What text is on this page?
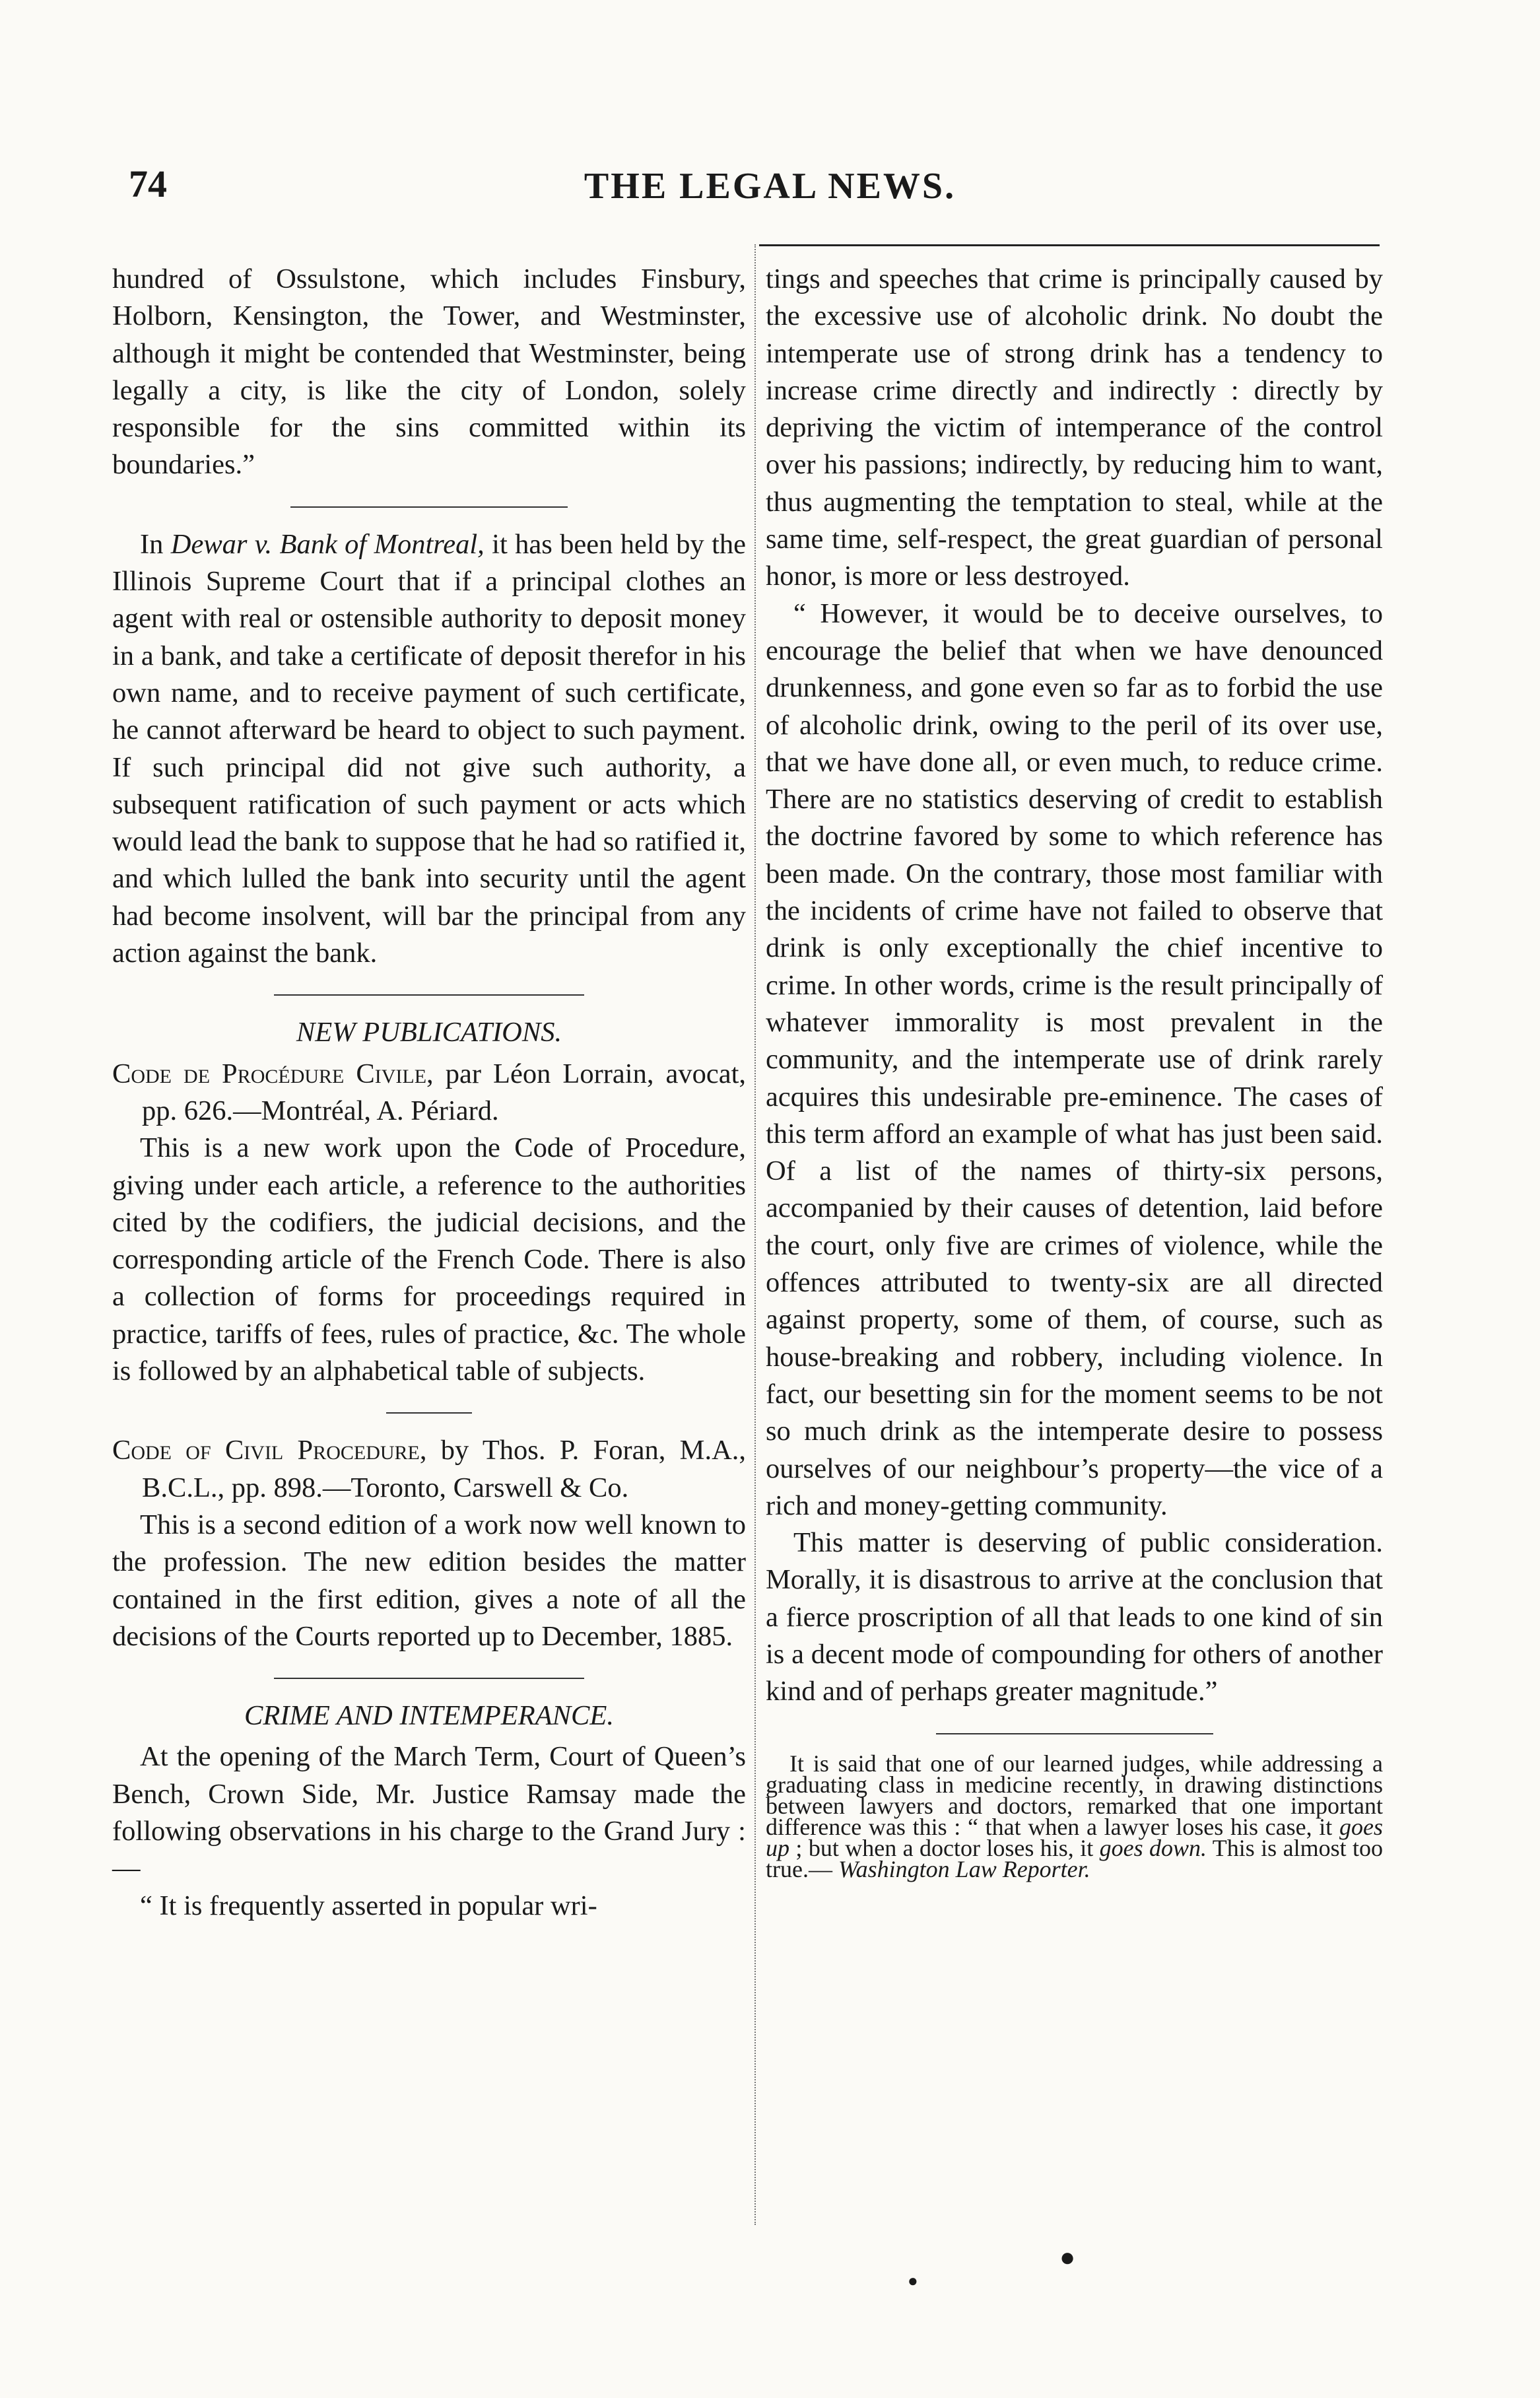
74	THE LEGAL NEWS.

hundred of Ossulstone, which includes Finsbury, Holborn, Kensington, the Tower, and Westminster, although it might be contended that Westminster, being legally a city, is like the city of London, solely responsible for the sins committed within its boundaries.”

In Dewar v. Bank of Montreal, it has been held by the Illinois Supreme Court that if a principal clothes an agent with real or ostensible authority to deposit money in a bank, and take a certificate of deposit therefor in his own name, and to receive payment of such certificate, he cannot afterward be heard to object to such payment. If such principal did not give such authority, a subsequent ratification of such payment or acts which would lead the bank to suppose that he had so ratified it, and which lulled the bank into security until the agent had become insolvent, will bar the principal from any action against the bank.

NEW PUBLICATIONS.

Code de Procédure Civile, par Léon Lorrain, avocat, pp. 626.—Montréal, A. Périard.

This is a new work upon the Code of Procedure, giving under each article, a reference to the authorities cited by the codifiers, the judicial decisions, and the corresponding article of the French Code. There is also a collection of forms for proceedings required in practice, tariffs of fees, rules of practice, &c. The whole is followed by an alphabetical table of subjects.

Code of Civil Procedure, by Thos. P. Foran, M.A., B.C.L., pp. 898.—Toronto, Carswell & Co.

This is a second edition of a work now well known to the profession. The new edition besides the matter contained in the first edition, gives a note of all the decisions of the Courts reported up to December, 1885.

CRIME AND INTEMPERANCE.

At the opening of the March Term, Court of Queen’s Bench, Crown Side, Mr. Justice Ramsay made the following observations in his charge to the Grand Jury :—

“ It is frequently asserted in popular wri-

tings and speeches that crime is principally caused by the excessive use of alcoholic drink. No doubt the intemperate use of strong drink has a tendency to increase crime directly and indirectly : directly by depriving the victim of intemperance of the control over his passions; indirectly, by reducing him to want, thus augmenting the temptation to steal, while at the same time, self-respect, the great guardian of personal honor, is more or less destroyed.

“ However, it would be to deceive ourselves, to encourage the belief that when we have denounced drunkenness, and gone even so far as to forbid the use of alcoholic drink, owing to the peril of its over use, that we have done all, or even much, to reduce crime. There are no statistics deserving of credit to establish the doctrine favored by some to which reference has been made. On the contrary, those most familiar with the incidents of crime have not failed to observe that drink is only exceptionally the chief incentive to crime. In other words, crime is the result principally of whatever immorality is most prevalent in the community, and the intemperate use of drink rarely acquires this undesirable pre-eminence. The cases of this term afford an example of what has just been said. Of a list of the names of thirty-six persons, accompanied by their causes of detention, laid before the court, only five are crimes of violence, while the offences attributed to twenty-six are all directed against property, some of them, of course, such as house-breaking and robbery, including violence. In fact, our besetting sin for the moment seems to be not so much drink as the intemperate desire to possess ourselves of our neighbour’s property—the vice of a rich and money-getting community.

This matter is deserving of public consideration. Morally, it is disastrous to arrive at the conclusion that a fierce proscription of all that leads to one kind of sin is a decent mode of compounding for others of another kind and of perhaps greater magnitude.”

It is said that one of our learned judges, while addressing a graduating class in medicine recently, in drawing distinctions between lawyers and doctors, remarked that one important difference was this : “ that when a lawyer loses his case, it goes up ; but when a doctor loses his, it goes down. This is almost too true.— Washington Law Reporter.

●
●
